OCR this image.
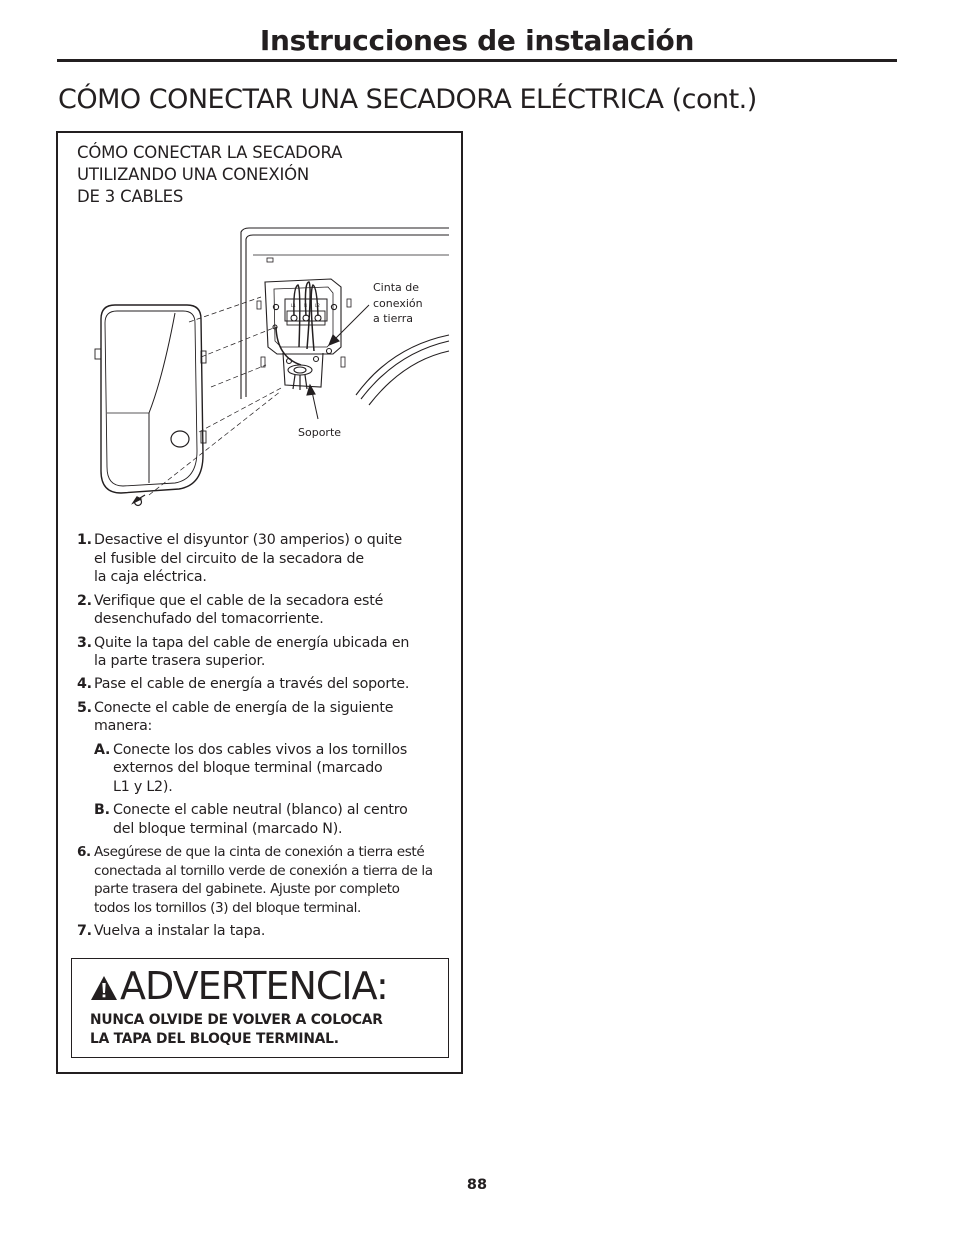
Instrucciones de instalación
CÓMO CONECTAR UNA SECADORA ELÉCTRICA (cont.)
CÓMO CONECTAR LA SECADORA
UTILIZANDO UNA CONEXIÓN
DE 3 CABLES
L1 N L2
Cinta de
conexión
a tierra
Soporte
1. Desactive el disyuntor (30 amperios) o quite
el fusible del circuito de la secadora de
la caja eléctrica.
2. Verifique que el cable de la secadora esté
desenchufado del tomacorriente.
3. Quite la tapa del cable de energía ubicada en
la parte trasera superior.
4. Pase el cable de energía a través del soporte.
5. Conecte el cable de energía de la siguiente
manera:
A. Conecte los dos cables vivos a los tornillos
externos del bloque terminal (marcado
L1 y L2).
B. Conecte el cable neutral (blanco) al centro
del bloque terminal (marcado N).
6. Asegúrese de que la cinta de conexión a tierra esté
conectada al tornillo verde de conexión a tierra de la
parte trasera del gabinete. Ajuste por completo
todos los tornillos (3) del bloque terminal.
7. Vuelva a instalar la tapa.
ADVERTENCIA:
NUNCA OLVIDE DE VOLVER A COLOCAR
LA TAPA DEL BLOQUE TERMINAL.
88
